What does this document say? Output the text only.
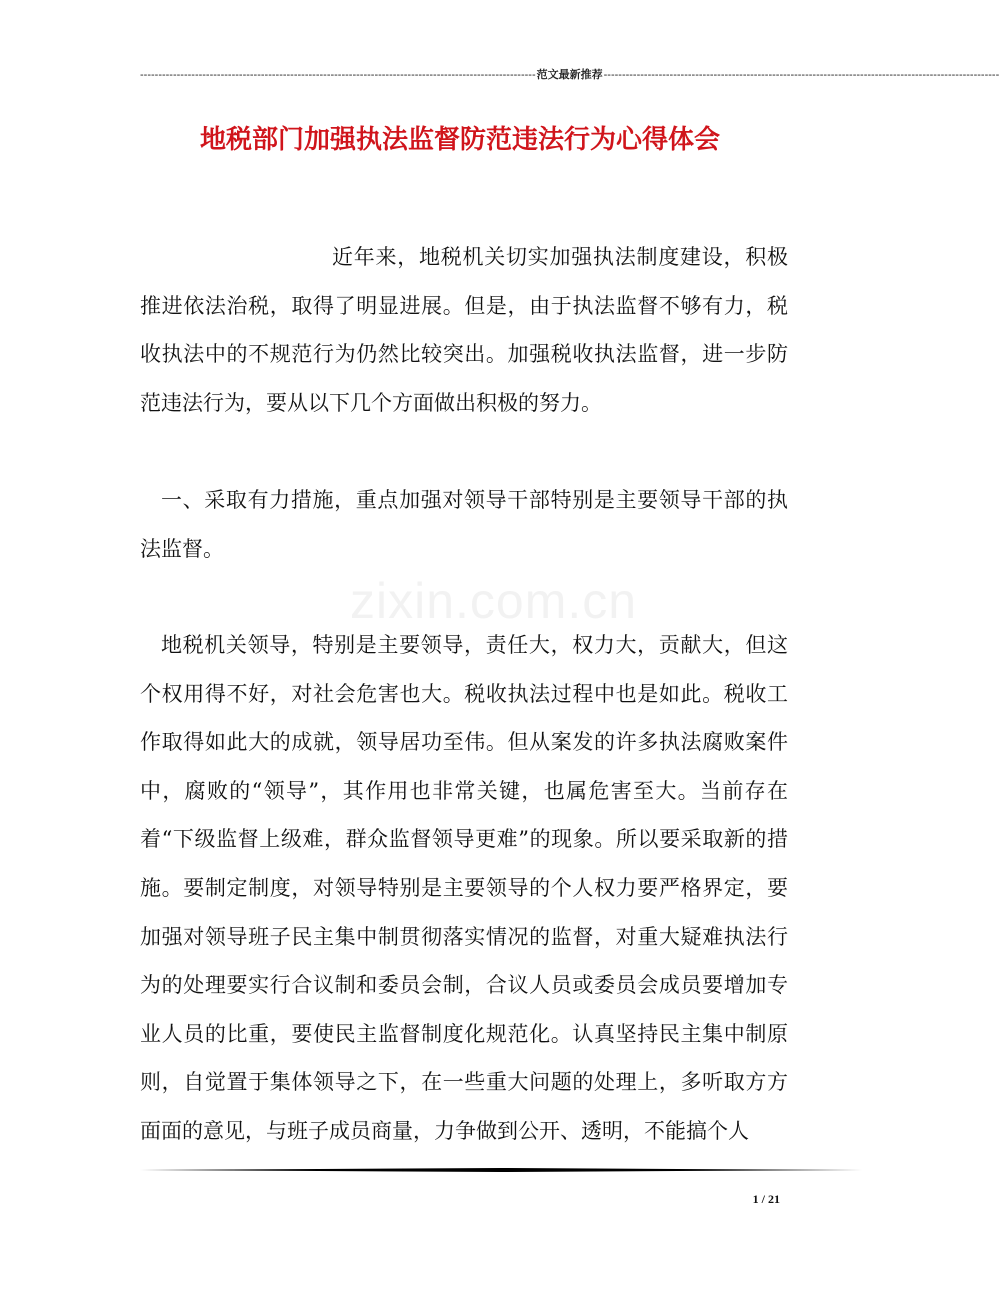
------------------------------------------------------------------------------------------------------------ 范文最新推荐 ------------------------------------------------------------------------------------------------------------
地税部门加强执法监督防范违法行为心得体会
zixin.com.cn

近年来，地税机关切实加强执法制度建设，积极推进依法治税，取得了明显进展。但是，由于执法监督不够有力，税收执法中的不规范行为仍然比较突出。加强税收执法监督，进一步防范违法行为，要从以下几个方面做出积极的努力。

一、采取有力措施，重点加强对领导干部特别是主要领导干部的执法监督。

地税机关领导，特别是主要领导，责任大，权力大，贡献大，但这个权用得不好，对社会危害也大。税收执法过程中也是如此。税收工作取得如此大的成就，领导居功至伟。但从案发的许多执法腐败案件中，腐败的“领导”，其作用也非常关键，也属危害至大。当前存在着“下级监督上级难，群众监督领导更难”的现象。所以要采取新的措施。要制定制度，对领导特别是主要领导的个人权力要严格界定，要加强对领导班子民主集中制贯彻落实情况的监督，对重大疑难执法行为的处理要实行合议制和委员会制，合议人员或委员会成员要增加专业人员的比重，要使民主监督制度化规范化。认真坚持民主集中制原则，自觉置于集体领导之下，在一些重大问题的处理上，多听取方方面面的意见，与班子成员商量，力争做到公开、透明，不能搞个人

1 / 21
